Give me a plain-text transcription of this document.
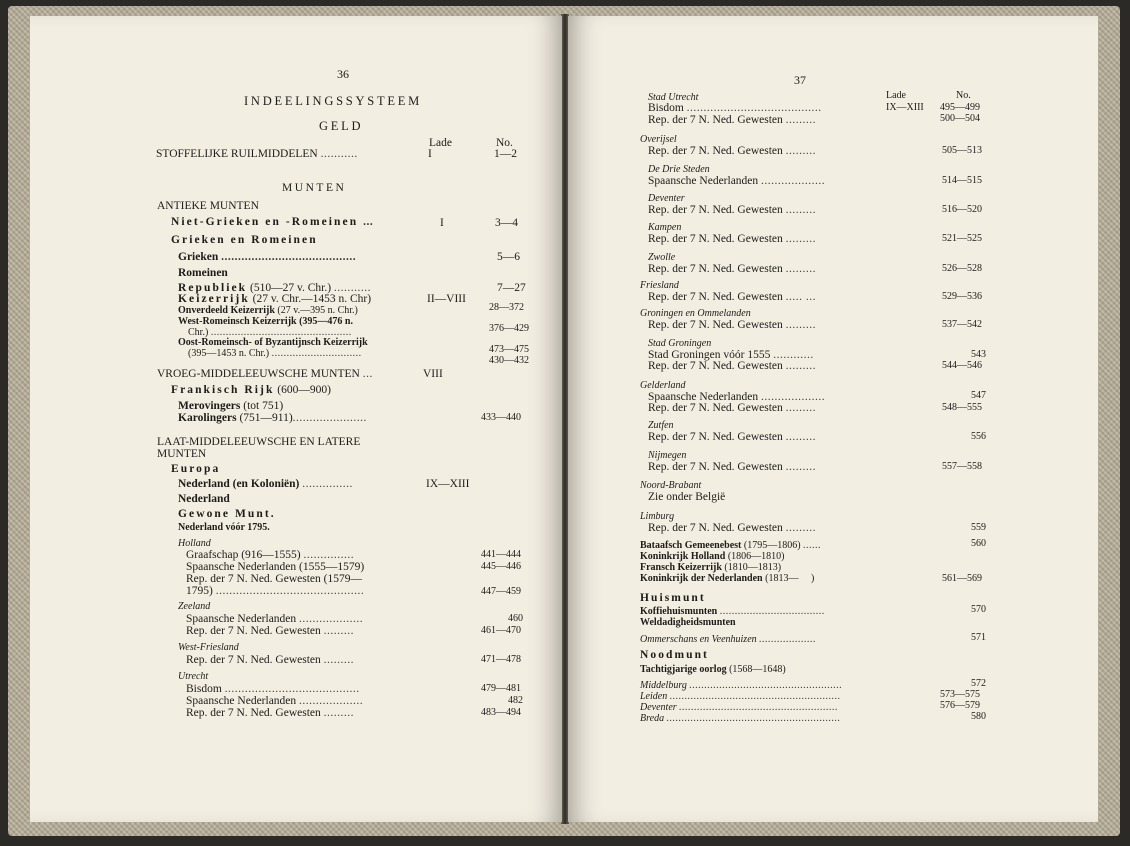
36
INDEELINGSSYSTEEM
GELD
Lade	No.
STOFFELIJKE RUILMIDDELEN ...........	I	1—2
MUNTEN
ANTIEKE MUNTEN
Niet-Grieken en -Romeinen ...	I	3—4
Grieken en Romeinen
Grieken ........................................	5—6
Romeinen
Republiek (510—27 v. Chr.) ...........	7—27
Keizerrijk (27 v. Chr.—1453 n. Chr)	II—VIII
Onverdeeld Keizerrijk (27 v.—395 n. Chr.)	28—372
West-Romeinsch Keizerrijk (395—476 n.
Chr.) ...............................................	376—429
Oost-Romeinsch- of Byzantijnsch Keizerrijk
(395—1453 n. Chr.) ..............................	473—475
430—432
VROEG-MIDDELEEUWSCHE MUNTEN ...	VIII
Frankisch Rijk (600—900)
Merovingers (tot 751)
Karolingers (751—911)......................	433—440
LAAT-MIDDELEEUWSCHE EN LATERE
MUNTEN
Europa
Nederland (en Koloniën) ...............	IX—XIII
Nederland
Gewone Munt.
Nederland vóór 1795.
Holland
Graafschap (916—1555) ...............	441—444
Spaansche Nederlanden (1555—1579)	445—446
Rep. der 7 N. Ned. Gewesten (1579—
1795) ............................................	447—459
Zeeland
Spaansche Nederlanden ...................	460
Rep. der 7 N. Ned. Gewesten .........	461—470
West-Friesland
Rep. der 7 N. Ned. Gewesten .........	471—478
Utrecht
Bisdom ........................................	479—481
Spaansche Nederlanden ...................	482
Rep. der 7 N. Ned. Gewesten .........	483—494
37
Lade	No.
Stad Utrecht
Bisdom ........................................	IX—XIII 495—499
Rep. der 7 N. Ned. Gewesten .........	500—504
Overijsel
Rep. der 7 N. Ned. Gewesten .........	505—513
De Drie Steden
Spaansche Nederlanden ...................	514—515
Deventer
Rep. der 7 N. Ned. Gewesten .........	516—520
Kampen
Rep. der 7 N. Ned. Gewesten .........	521—525
Zwolle
Rep. der 7 N. Ned. Gewesten .........	526—528
Friesland
Rep. der 7 N. Ned. Gewesten ..... ...	529—536
Groningen en Ommelanden
Rep. der 7 N. Ned. Gewesten .........	537—542
Stad Groningen
Stad Groningen vóór 1555 ............	543
Rep. der 7 N. Ned. Gewesten .........	544—546
Gelderland
Spaansche Nederlanden ...................	547
Rep. der 7 N. Ned. Gewesten .........	548—555
Zutfen
Rep. der 7 N. Ned. Gewesten .........	556
Nijmegen
Rep. der 7 N. Ned. Gewesten .........	557—558
Noord-Brabant
Zie onder België
Limburg
Rep. der 7 N. Ned. Gewesten .........	559
Bataafsch Gemeenebest (1795—1806) ......	560
Koninkrijk Holland (1806—1810)
Fransch Keizerrijk (1810—1813)
Koninkrijk der Nederlanden (1813—     )	561—569
Huismunt
Koffiehuismunten ...................................	570
Weldadigheidsmunten
Ommerschans en Veenhuizen ...................	571
Noodmunt
Tachtigjarige oorlog (1568—1648)
Middelburg ...................................................	572
Leiden .........................................................	573—575
Deventer .....................................................	576—579
Breda ..........................................................	580
